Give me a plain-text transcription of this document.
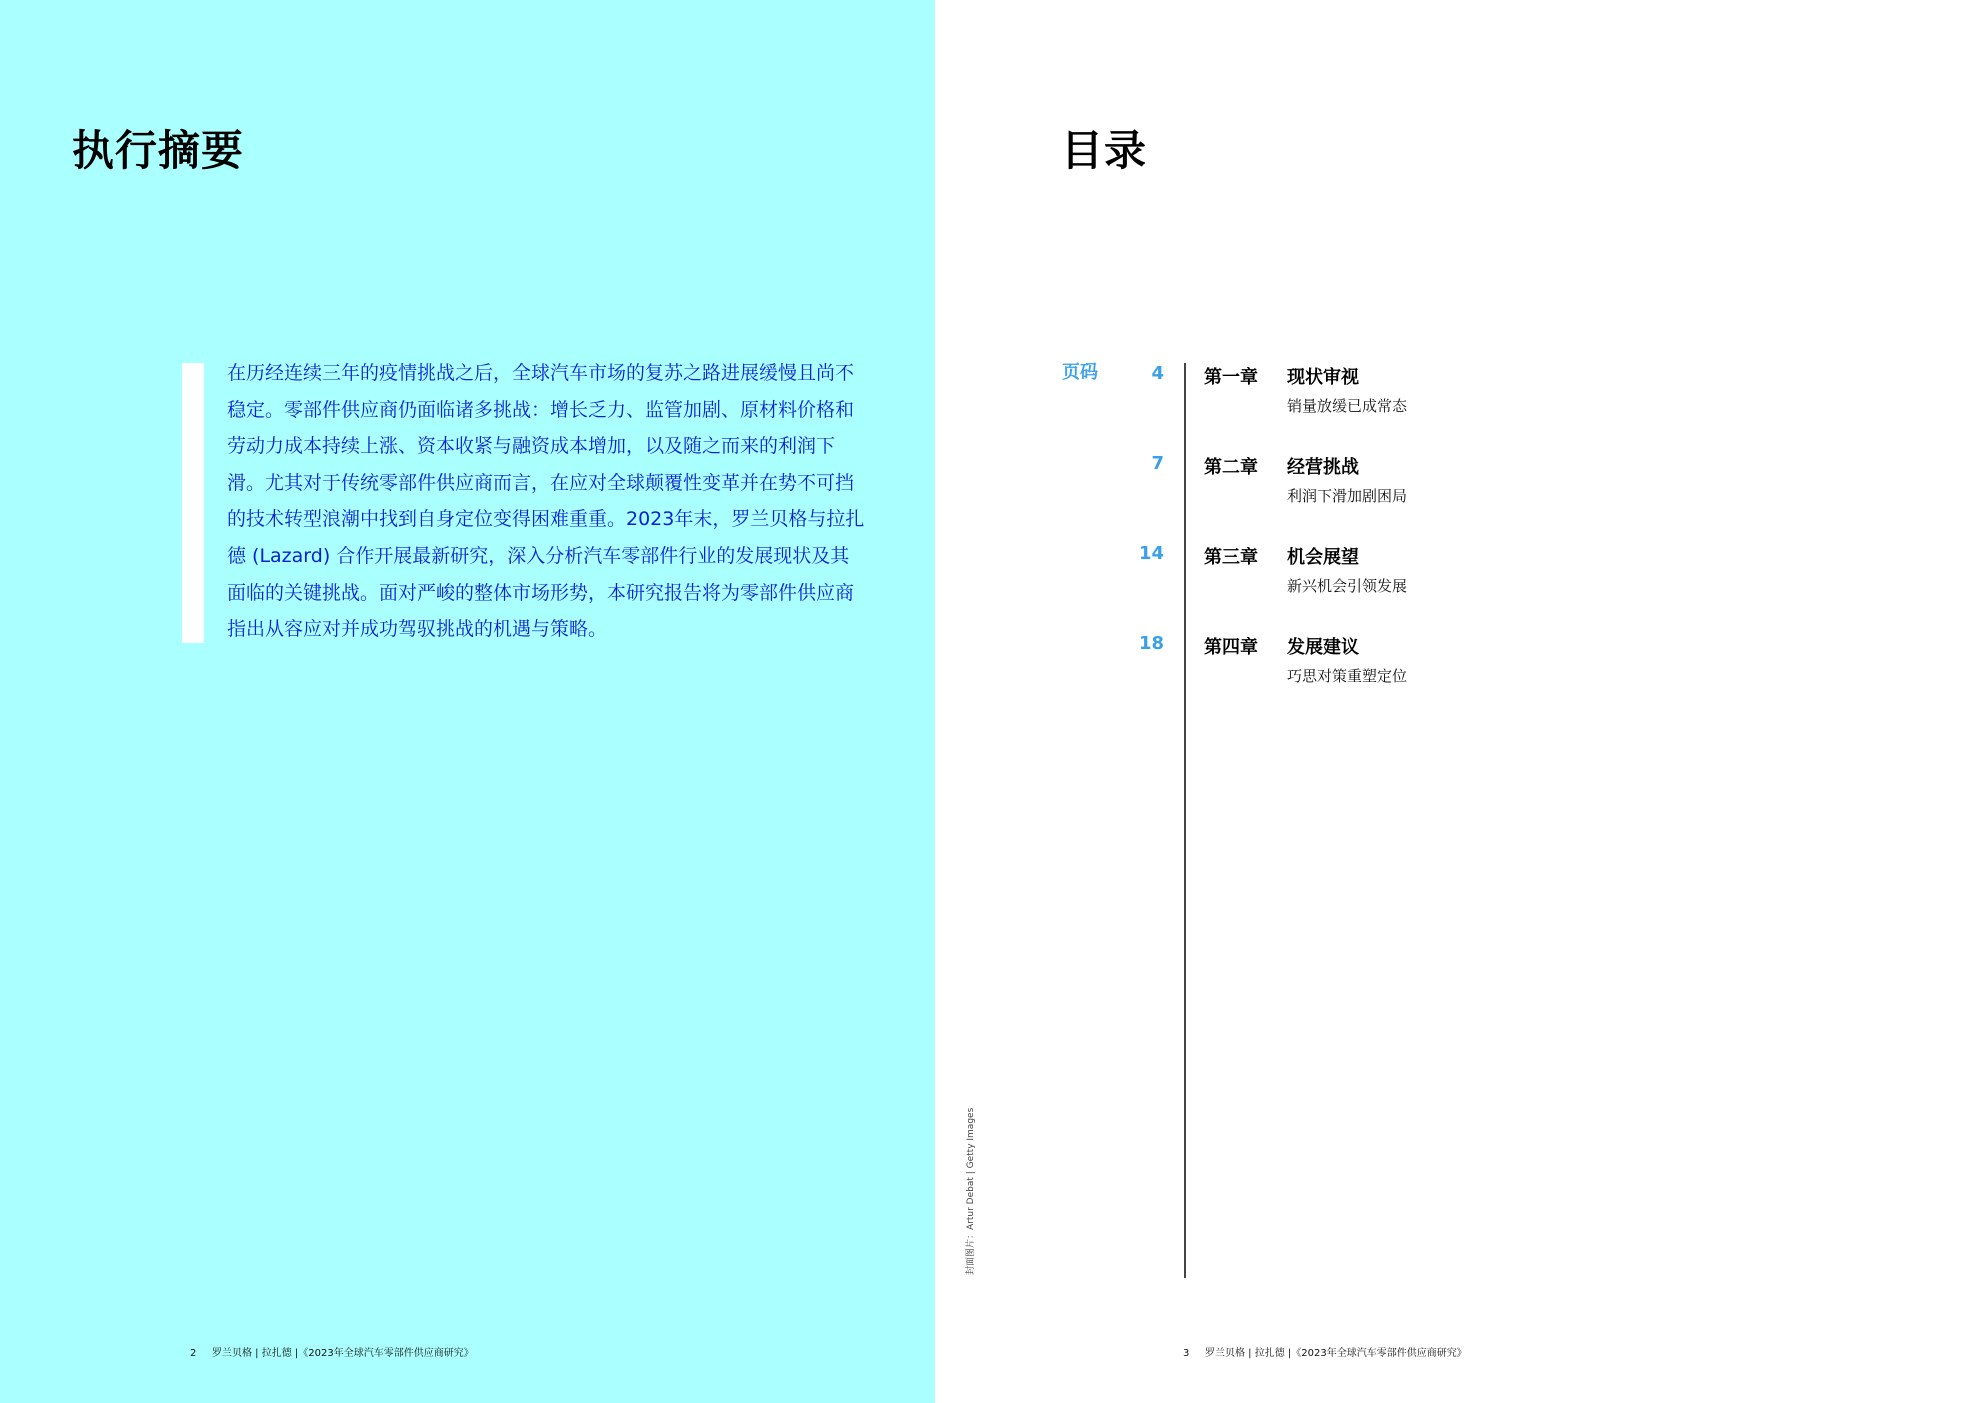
执行摘要

在历经连续三年的疫情挑战之后，全球汽车市场的复苏之路进展缓慢且尚不稳定。零部件供应商仍面临诸多挑战：增长乏力、监管加剧、原材料价格和劳动力成本持续上涨、资本收紧与融资成本增加，以及随之而来的利润下滑。尤其对于传统零部件供应商而言，在应对全球颠覆性变革并在势不可挡的技术转型浪潮中找到自身定位变得困难重重。2023年末，罗兰贝格与拉扎德 (Lazard) 合作开展最新研究，深入分析汽车零部件行业的发展现状及其面临的关键挑战。面对严峻的整体市场形势，本研究报告将为零部件供应商指出从容应对并成功驾驭挑战的机遇与策略。

2 罗兰贝格 | 拉扎德 |《2023年全球汽车零部件供应商研究》
目录
页码	4 第一章 现状审视
销量放缓已成常态
7 第二章 经营挑战
利润下滑加剧困局
14 第三章 机会展望
新兴机会引领发展
18 第四章 发展建议
巧思对策重塑定位
封面图片：Artur Debat | Getty Images
3 罗兰贝格 | 拉扎德 |《2023年全球汽车零部件供应商研究》
